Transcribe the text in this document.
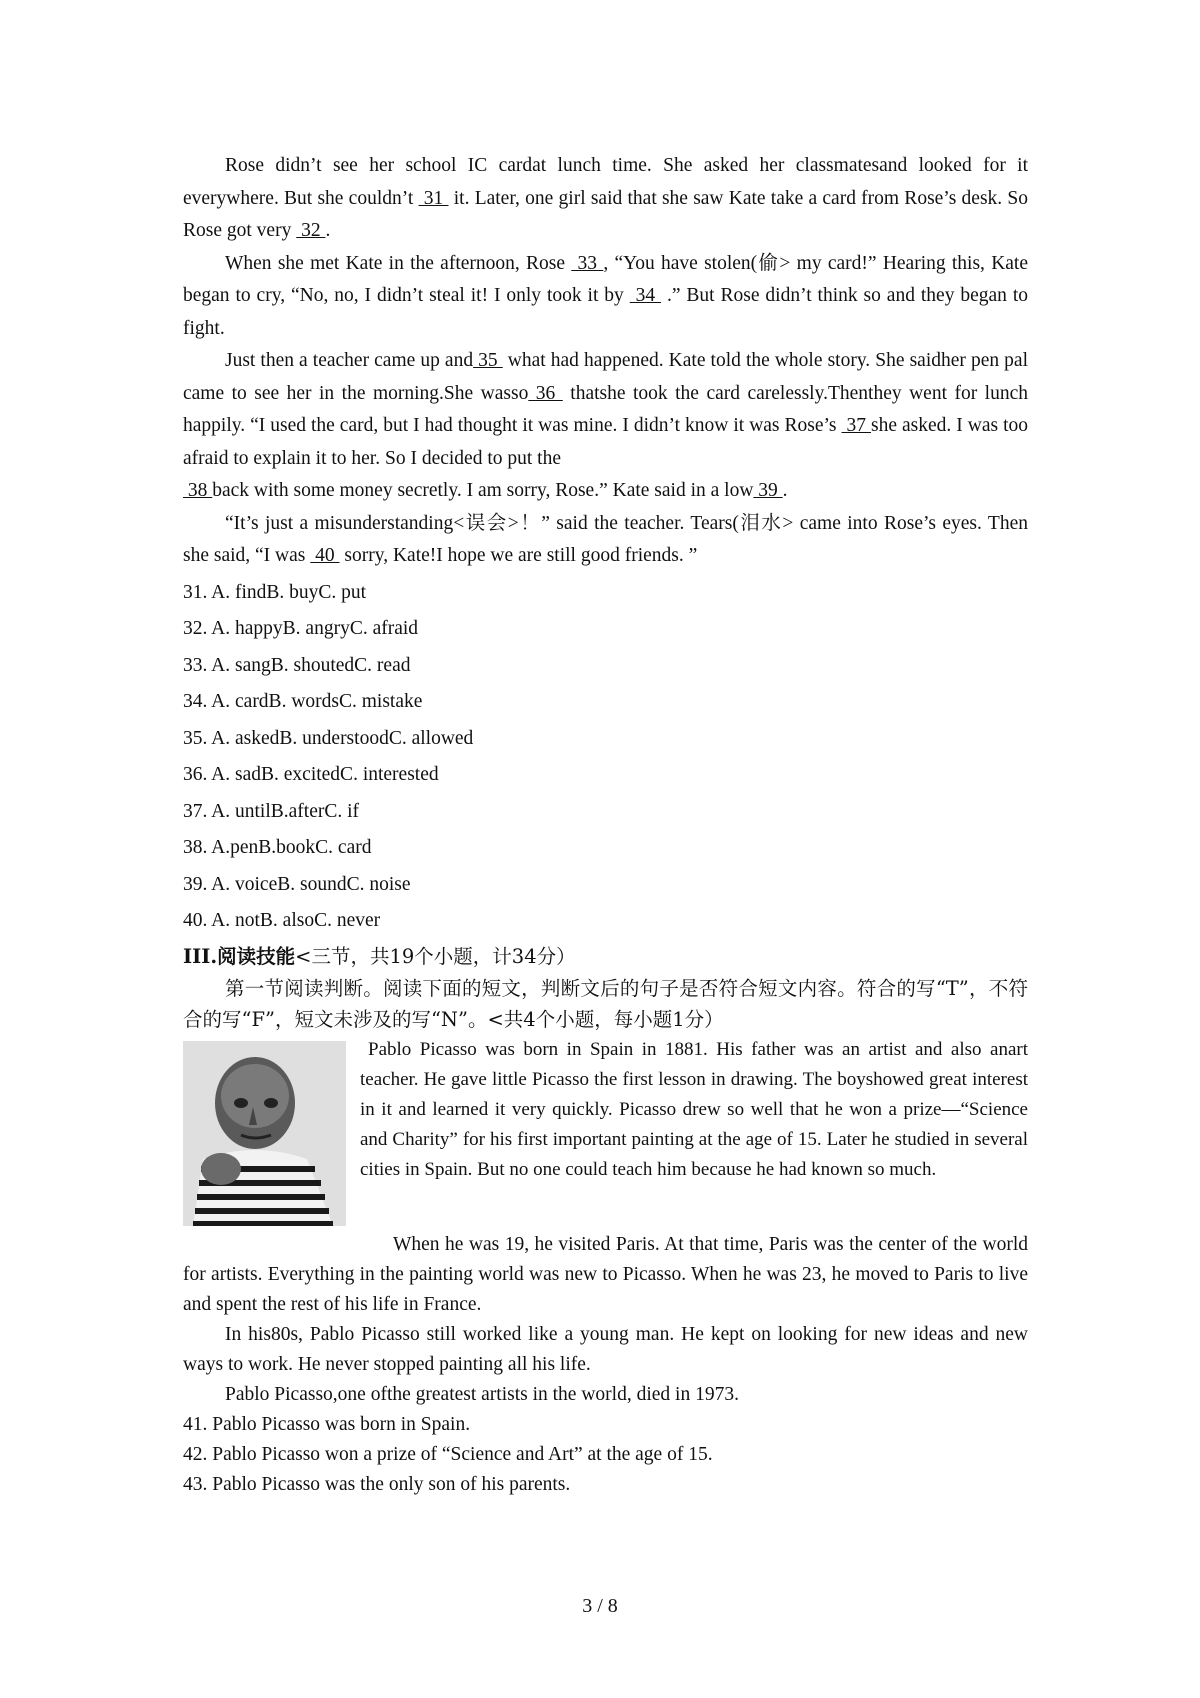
Rose didn’t see her school IC cardat lunch time. She asked her classmatesand looked for it everywhere. But she couldn’t  31  it. Later, one girl said that she saw Kate take a card from Rose’s desk. So Rose got very  32 .

When she met Kate in the afternoon, Rose  33 , “You have stolen(偷> my card!” Hearing this, Kate began to cry, “No, no, I didn’t steal it! I only took it by  34  .” But Rose didn’t think so and they began to fight.

Just then a teacher came up and 35  what had happened. Kate told the whole story. She saidher pen pal came to see her in the morning.She wasso 36  thatshe took the card carelessly.Thenthey went for lunch happily. “I used the card, but I had thought it was mine. I didn’t know it was Rose’s  37 she asked. I was too afraid to explain it to her. So I decided to put the

38 back with some money secretly. I am sorry, Rose.” Kate said in a low 39 .

“It’s just a misunderstanding<误会>！” said the teacher. Tears(泪水> came into Rose’s eyes. Then she said, “I was  40  sorry, Kate!I hope we are still good friends. ”

31. A. findB. buyC. put

32. A. happyB. angryC. afraid

33. A. sangB. shoutedC. read

34. A. cardB. wordsC. mistake

35. A. askedB. understoodC. allowed

36. A. sadB. excitedC. interested

37. A. untilB.afterC. if

38. A.penB.bookC. card

39. A. voiceB. soundC. noise

40. A. notB. alsoC. never

III.阅读技能<三节，共19个小题，计34分）

第一节阅读判断。阅读下面的短文，判断文后的句子是否符合短文内容。符合的写“T”，不符合的写“F”，短文未涉及的写“N”。<共4个小题，每小题1分）

Pablo Picasso was born in Spain in 1881. His father was an artist and also anart teacher. He gave little Picasso the first lesson in drawing. The boyshowed great interest in it and learned it very quickly. Picasso drew so well that he won a prize—“Science and Charity” for his first important painting at the age of 15. Later he studied in several cities in Spain. But no one could teach him because he had known so much.

When he was 19, he visited Paris. At that time, Paris was the center of the world for artists. Everything in the painting world was new to Picasso. When he was 23, he moved to Paris to live and spent the rest of his life in France.

In his80s, Pablo Picasso still worked like a young man. He kept on looking for new ideas and new ways to work. He never stopped painting all his life.

Pablo Picasso,one ofthe greatest artists in the world, died in 1973.

41. Pablo Picasso was born in Spain.

42. Pablo Picasso won a prize of “Science and Art” at the age of 15.

43. Pablo Picasso was the only son of his parents.

3 / 8
